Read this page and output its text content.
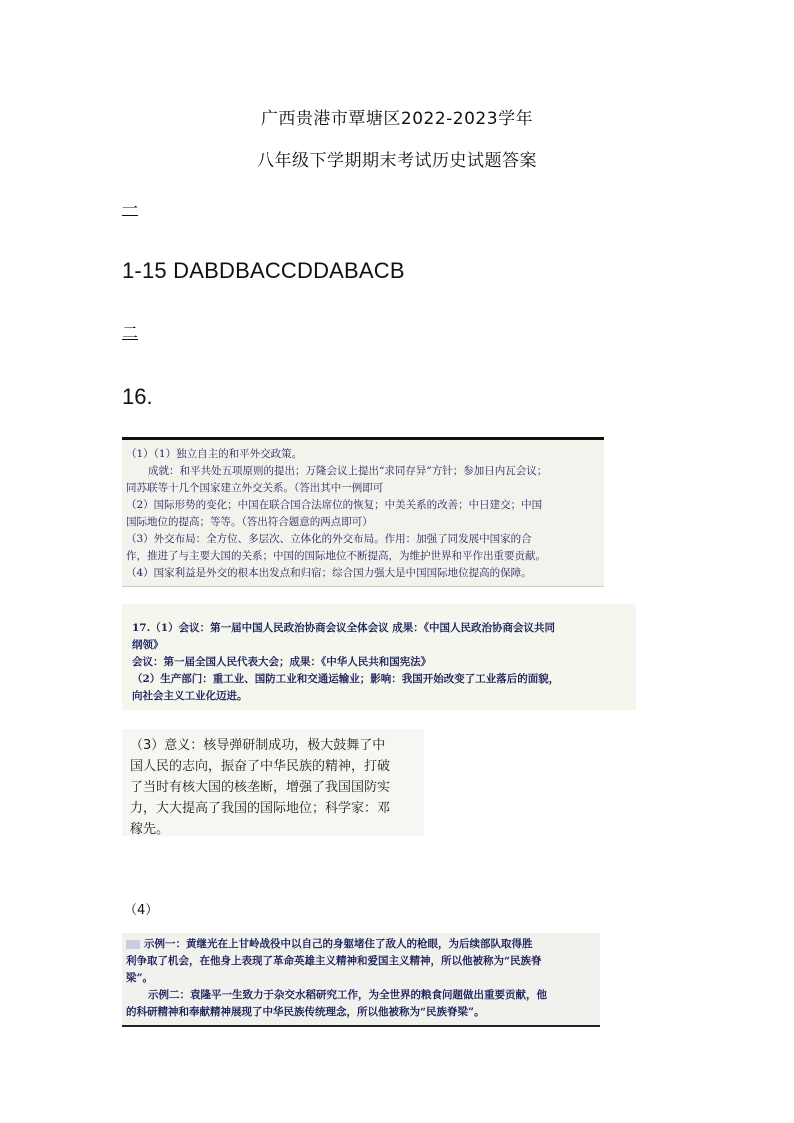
广西贵港市覃塘区2022-2023学年
八年级下学期期末考试历史试题答案
一
1-15 DABDBACCDDABACB
二
16.
（1）（1）独立自主的和平外交政策。
成就：和平共处五项原则的提出；万隆会议上提出“求同存异”方针；参加日内瓦会议；
同苏联等十几个国家建立外交关系。（答出其中一例即可
（2）国际形势的变化；中国在联合国合法席位的恢复；中美关系的改善；中日建交；中国
国际地位的提高；等等。（答出符合题意的两点即可）
（3）外交布局：全方位、多层次、立体化的外交布局。作用：加强了同发展中国家的合
作，推进了与主要大国的关系；中国的国际地位不断提高，为维护世界和平作出重要贡献。
（4）国家利益是外交的根本出发点和归宿；综合国力强大是中国国际地位提高的保障。
17.（1）会议：第一届中国人民政治协商会议全体会议 成果：《中国人民政治协商会议共同
纲领》
会议：第一届全国人民代表大会；成果：《中华人民共和国宪法》
（2）生产部门：重工业、国防工业和交通运输业；影响：我国开始改变了工业落后的面貌，
向社会主义工业化迈进。
（3）意义：核导弹研制成功，极大鼓舞了中
国人民的志向，振奋了中华民族的精神，打破
了当时有核大国的核垄断，增强了我国国防实
力，大大提高了我国的国际地位；科学家：邓
稼先。
（4）
示例一：黄继光在上甘岭战役中以自己的身躯堵住了敌人的枪眼，为后续部队取得胜
利争取了机会，在他身上表现了革命英雄主义精神和爱国主义精神，所以他被称为“民族脊
梁”。
示例二：袁隆平一生致力于杂交水稻研究工作，为全世界的粮食问题做出重要贡献，他
的科研精神和奉献精神展现了中华民族传统理念，所以他被称为“民族脊梁”。
